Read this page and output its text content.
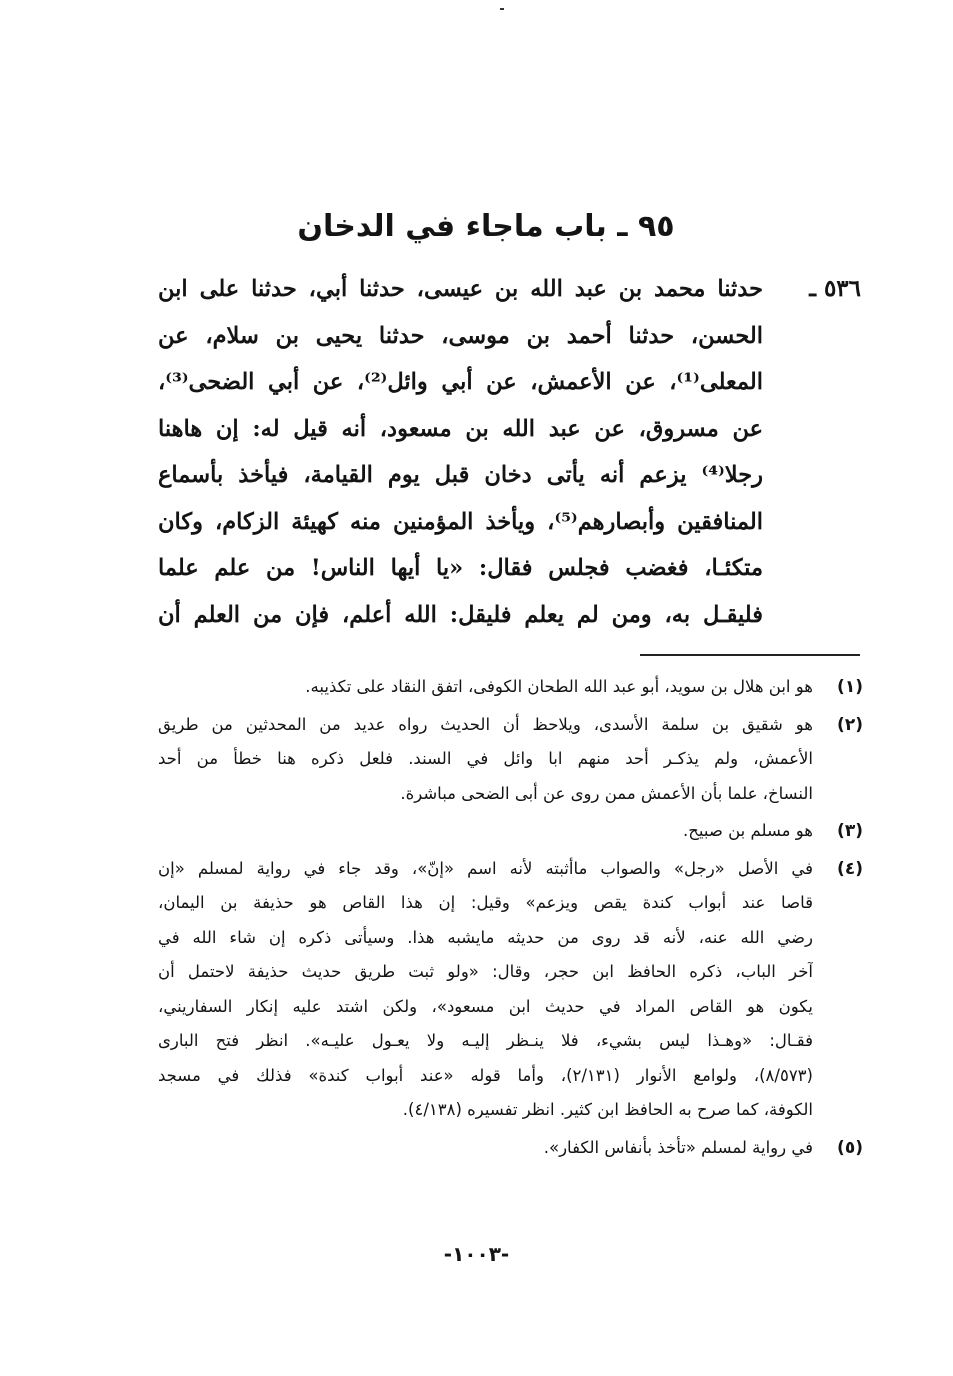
٩٥ ـ باب ماجاء في الدخان
٥٣٦ ـ
حدثنا محمد بن عبد الله بن عيسى، حدثنا أبي، حدثنا على ابن
الحسن، حدثنا أحمد بن موسى، حدثنا يحيى بن سلام، عن
المعلى⁽¹⁾، عن الأعمش، عن أبي وائل⁽²⁾، عن أبي الضحى⁽³⁾،
عن مسروق، عن عبد الله بن مسعود، أنه قيل له: إن هاهنا
رجلا⁽⁴⁾ يزعم أنه يأتى دخان قبل يوم القيامة، فيأخذ بأسماع
المنافقين وأبصارهم⁽⁵⁾، ويأخذ المؤمنين منه كهيئة الزكام، وكان
متكئـا، فغضب فجلس فقال: «يا أيها الناس! من علم علما
فليقـل به، ومن لم يعلم فليقل: الله أعلم، فإن من العلم أن
(١)
هو ابن هلال بن سويد، أبو عبد الله الطحان الكوفى، اتفق النقاد على تكذيبه.
(٢)
هو شقيق بن سلمة الأسدى، ويلاحظ أن الحديث رواه عديد من المحدثين من طريق
الأعمش، ولم يذكـر أحد منهم ابا وائل في السند. فلعل ذكره هنا خطأ من أحد
النساخ، علما بأن الأعمش ممن روى عن أبى الضحى مباشرة.
(٣)
هو مسلم بن صبيح.
(٤)
في الأصل «رجل» والصواب ماأثبته لأنه اسم «إنّ»، وقد جاء في رواية لمسلم «إن
قاصا عند أبواب كندة يقص ويزعم» وقيل: إن هذا القاص هو حذيفة بن اليمان،
رضي الله عنه، لأنه قد روى من حديثه مايشبه هذا. وسيأتى ذكره إن شاء الله في
آخر الباب، ذكره الحافظ ابن حجر، وقال: «ولو ثبت طريق حديث حذيفة لاحتمل أن
يكون هو القاص المراد في حديث ابن مسعود»، ولكن اشتد عليه إنكار السفاريني،
فقـال: «وهـذا ليس بشيء، فلا ينـظر إليـه ولا يعـول عليـه». انظر فتح البارى
(٨/٥٧٣)، ولوامع الأنوار (٢/١٣١)، وأما قوله «عند أبواب كندة» فذلك في مسجد
الكوفة، كما صرح به الحافظ ابن كثير. انظر تفسيره (٤/١٣٨).
(٥)
في رواية لمسلم «تأخذ بأنفاس الكفار».
-١٠٠٣-
